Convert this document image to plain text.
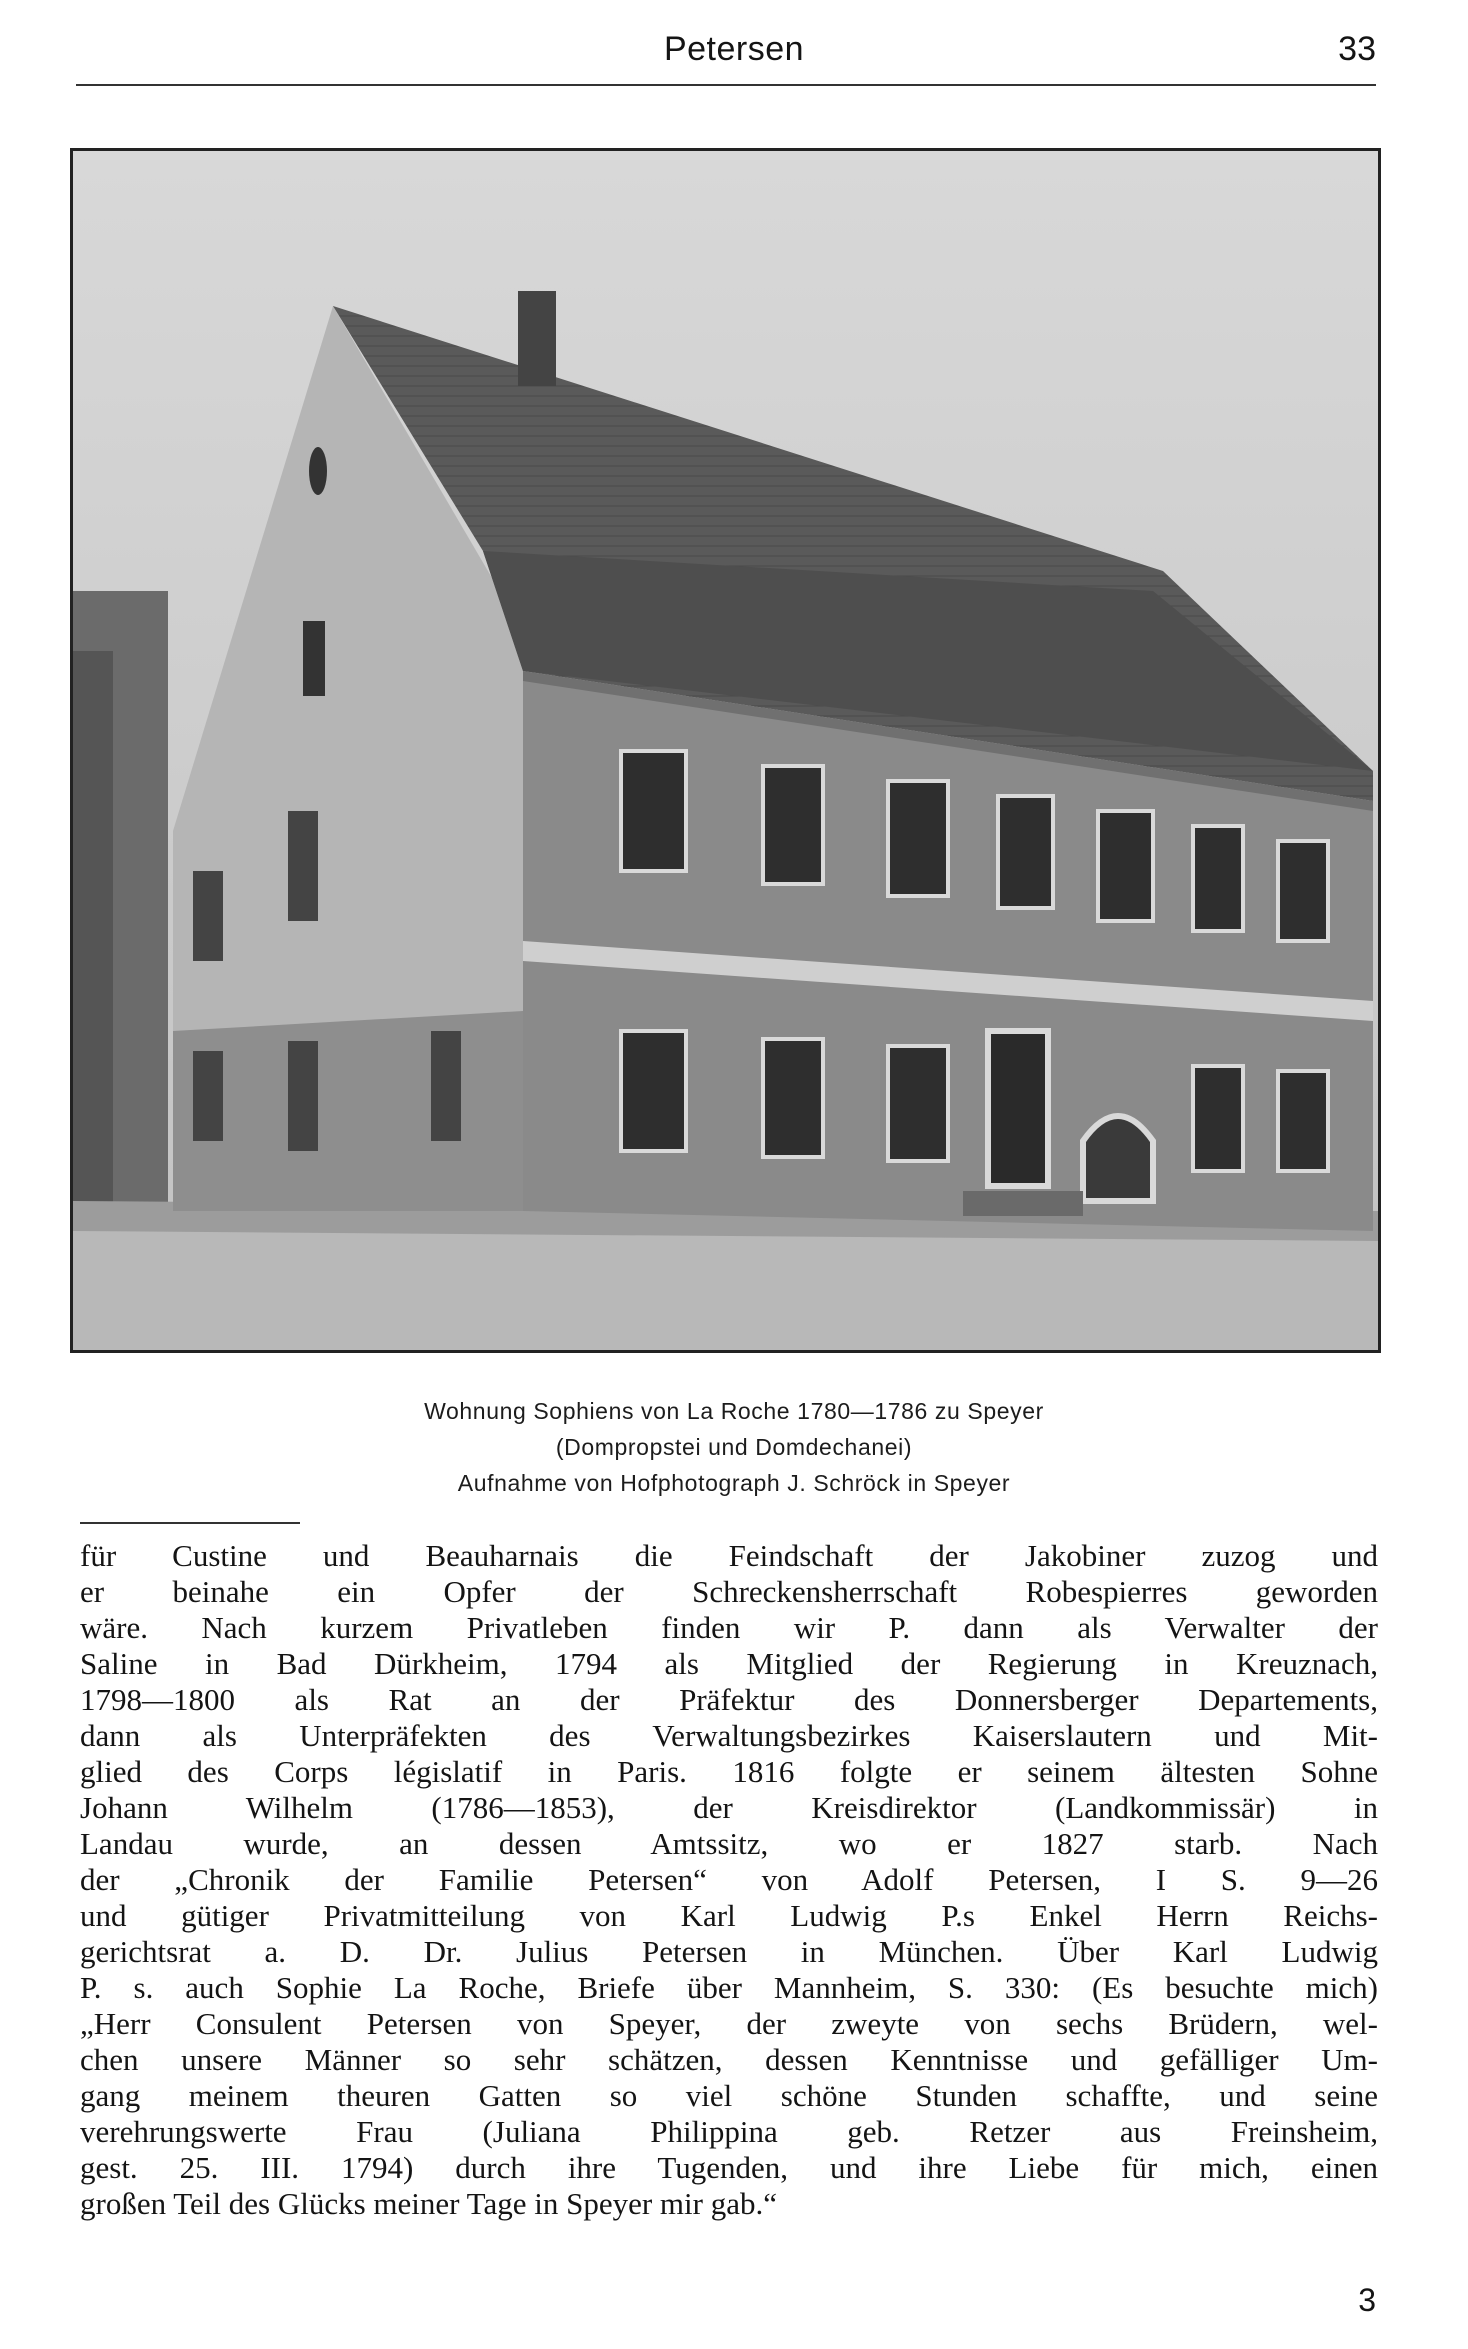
Petersen	33
Wohnung Sophiens von La Roche 1780—1786 zu Speyer
(Dompropstei und Domdechanei)
Aufnahme von Hofphotograph J. Schröck in Speyer
für Custine und Beauharnais die Feindschaft der Jakobiner zuzog und
er beinahe ein Opfer der Schreckensherrschaft Robespierres geworden
wäre. Nach kurzem Privatleben finden wir P. dann als Verwalter der
Saline in Bad Dürkheim, 1794 als Mitglied der Regierung in Kreuznach,
1798—1800 als Rat an der Präfektur des Donnersberger Departements,
dann als Unterpräfekten des Verwaltungsbezirkes Kaiserslautern und Mit-
glied des Corps législatif in Paris. 1816 folgte er seinem ältesten Sohne
Johann Wilhelm (1786—1853), der Kreisdirektor (Landkommissär) in
Landau wurde, an dessen Amtssitz, wo er 1827 starb. Nach
der „Chronik der Familie Petersen“ von Adolf Petersen, I S. 9—26
und gütiger Privatmitteilung von Karl Ludwig P.s Enkel Herrn Reichs-
gerichtsrat a. D. Dr. Julius Petersen in München. Über Karl Ludwig
P. s. auch Sophie La Roche, Briefe über Mannheim, S. 330: (Es besuchte mich)
„Herr Consulent Petersen von Speyer, der zweyte von sechs Brüdern, wel-
chen unsere Männer so sehr schätzen, dessen Kenntnisse und gefälliger Um-
gang meinem theuren Gatten so viel schöne Stunden schaffte, und seine
verehrungswerte Frau (Juliana Philippina geb. Retzer aus Freinsheim,
gest. 25. III. 1794) durch ihre Tugenden, und ihre Liebe für mich, einen
großen Teil des Glücks meiner Tage in Speyer mir gab.“
3
